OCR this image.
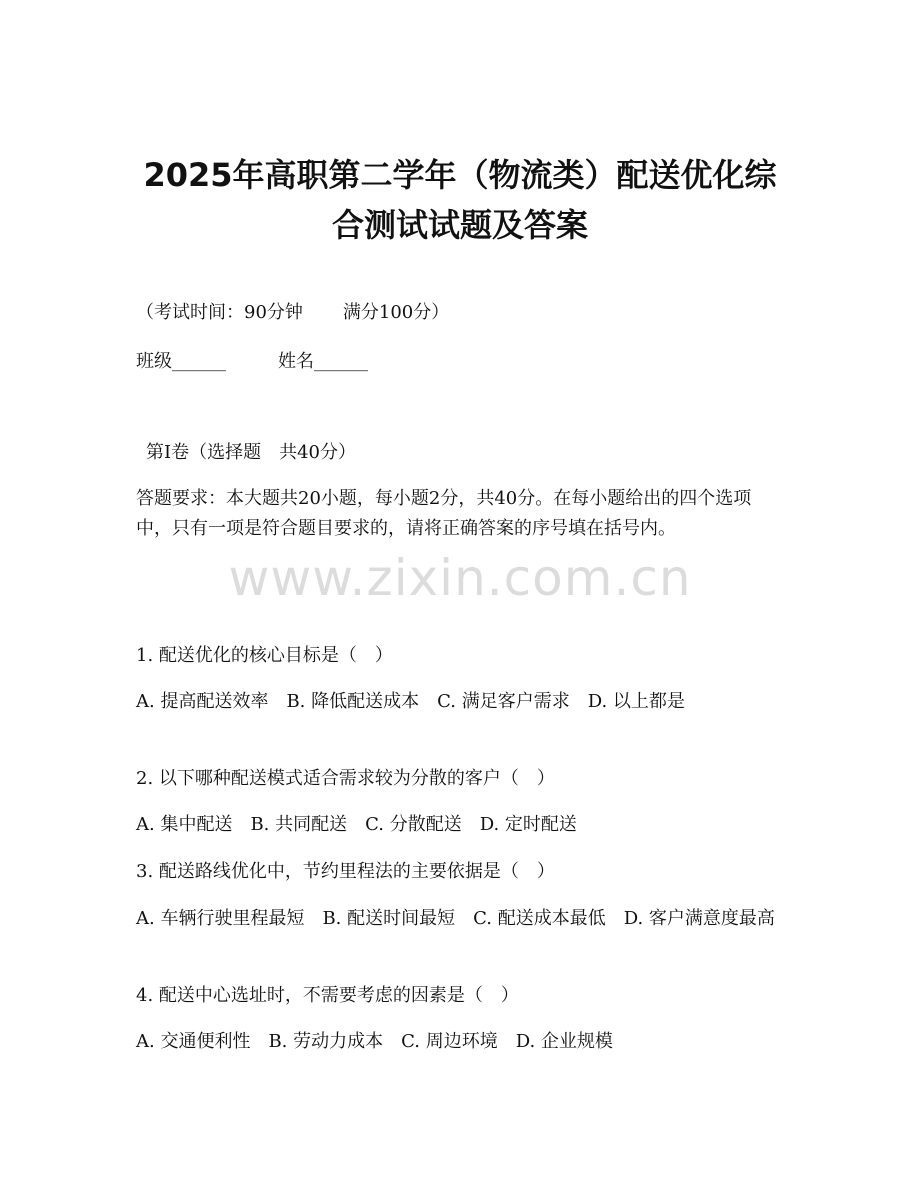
2025年高职第二学年（物流类）配送优化综
合测试试题及答案

（考试时间：90分钟 满分100分）

班级______	姓名______

第Ⅰ卷（选择题　共40分）

答题要求：本大题共20小题，每小题2分，共40分。在每小题给出的四个选项中，只有一项是符合题目要求的，请将正确答案的序号填在括号内。

www.zixin.com.cn

1. 配送优化的核心目标是（　）

A. 提高配送效率 B. 降低配送成本 C. 满足客户需求 D. 以上都是

2. 以下哪种配送模式适合需求较为分散的客户（　）

A. 集中配送 B. 共同配送 C. 分散配送 D. 定时配送

3. 配送路线优化中，节约里程法的主要依据是（　）

A. 车辆行驶里程最短 B. 配送时间最短 C. 配送成本最低 D. 客户满意度最高

4. 配送中心选址时，不需要考虑的因素是（　）

A. 交通便利性 B. 劳动力成本 C. 周边环境 D. 企业规模
